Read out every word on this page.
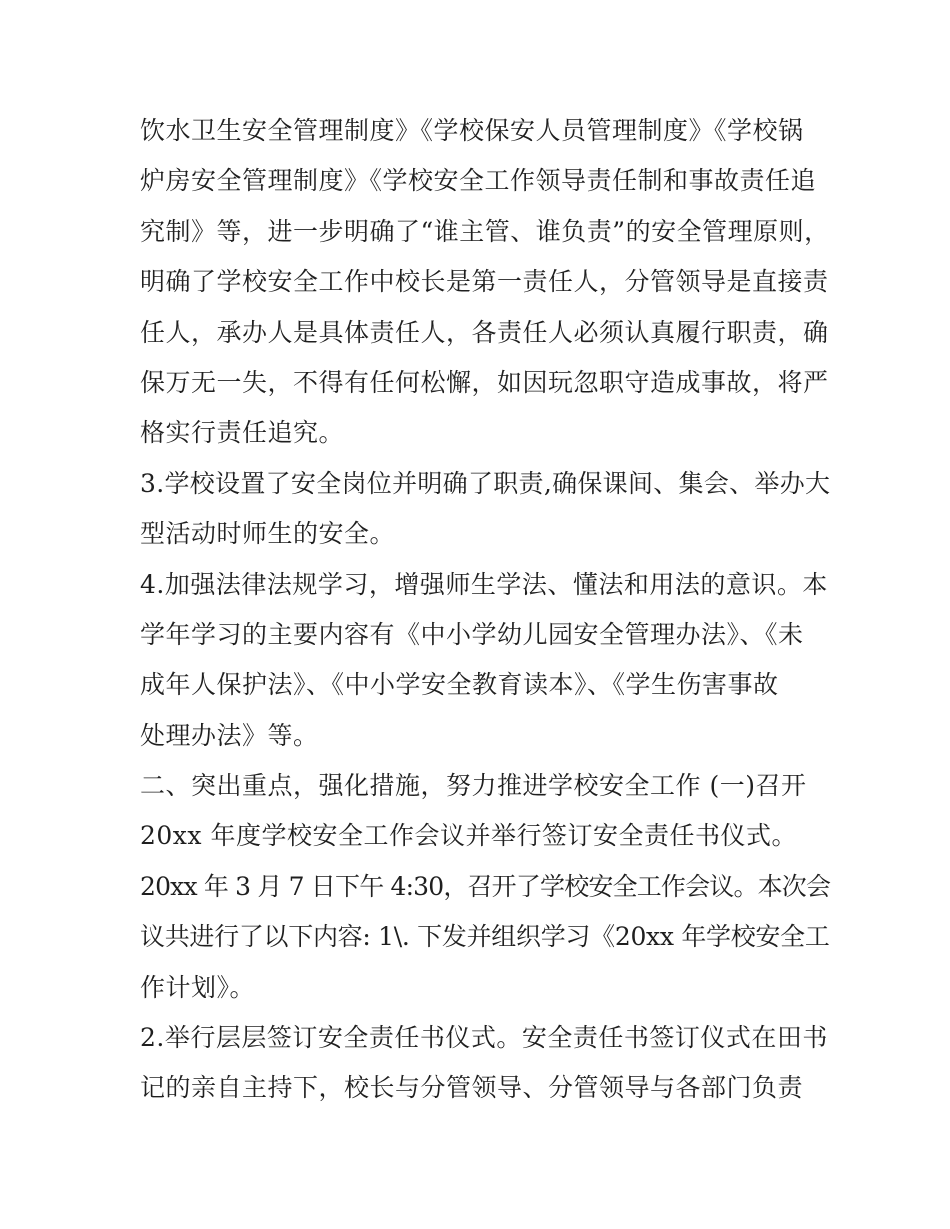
饮水卫生安全管理制度》《学校保安人员管理制度》《学校锅
炉房安全管理制度》《学校安全工作领导责任制和事故责任追
究制》等，进一步明确了“谁主管、谁负责”的安全管理原则，
明确了学校安全工作中校长是第一责任人，分管领导是直接责
任人，承办人是具体责任人，各责任人必须认真履行职责，确
保万无一失，不得有任何松懈，如因玩忽职守造成事故，将严
格实行责任追究。
3.学校设置了安全岗位并明确了职责,确保课间、集会、举办大
型活动时师生的安全。
4.加强法律法规学习，增强师生学法、懂法和用法的意识。本
学年学习的主要内容有《中小学幼儿园安全管理办法》、《未
成年人保护法》、《中小学安全教育读本》、《学生伤害事故
处理办法》等。
二、突出重点，强化措施，努力推进学校安全工作 (一)召开
20xx 年度学校安全工作会议并举行签订安全责任书仪式。
20xx 年 3 月 7 日下午 4:30，召开了学校安全工作会议。本次会
议共进行了以下内容: 1\. 下发并组织学习《20xx 年学校安全工
作计划》。
2.举行层层签订安全责任书仪式。安全责任书签订仪式在田书
记的亲自主持下，校长与分管领导、分管领导与各部门负责
